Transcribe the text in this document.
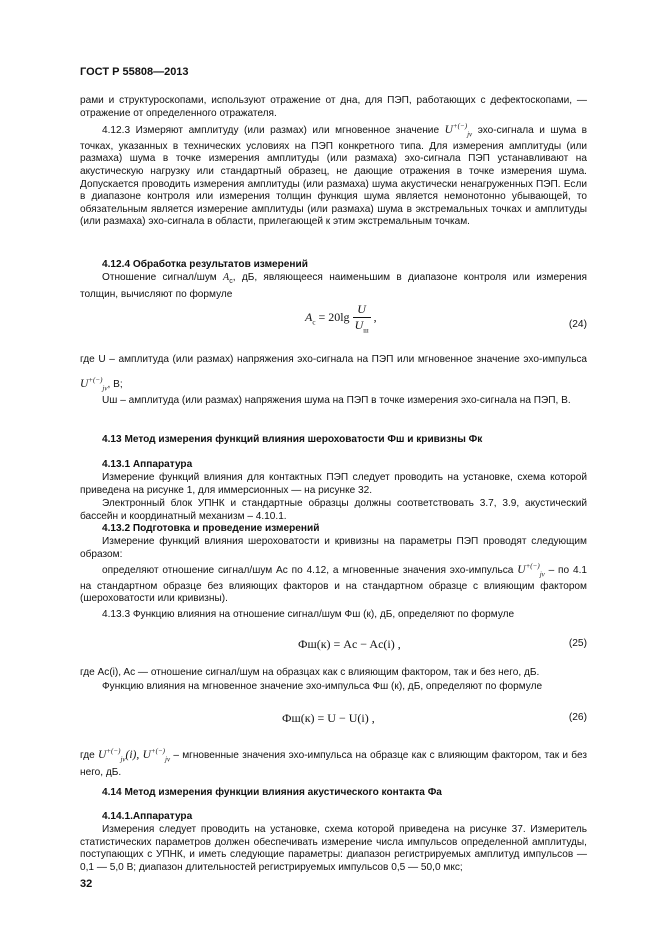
ГОСТ Р 55808—2013
рами и структуроскопами, используют отражение от дна, для ПЭП, работающих с дефектоскопами, — отражение от определенного отражателя.
4.12.3 Измеряют амплитуду (или размах) или мгновенное значение $U^{+(-)}_{j\nu}$ эхо-сигнала и шума в точках, указанных в технических условиях на ПЭП конкретного типа. Для измерения амплитуды (или размаха) шума в точке измерения амплитуды (или размаха) эхо-сигнала ПЭП устанавливают на акустическую нагрузку или стандартный образец, не дающие отражения в точке измерения шума. Допускается проводить измерения амплитуды (или размаха) шума акустически ненагруженных ПЭП. Если в диапазоне контроля или измерения толщин функция шума является немонотонно убывающей, то обязательным является измерение амплитуды (или размаха) шума в экстремальных точках и амплитуды (или размаха) эхо-сигнала в области, прилегающей к этим экстремальным точкам.
4.12.4 Обработка результатов измерений
Отношение сигнал/шум $A_c$, дБ, являющееся наименьшим в диапазоне контроля или измерения толщин, вычисляют по формуле
$A_c = 20\lg \frac{U}{U_ш}$ ,
(24)
где U – амплитуда (или размах) напряжения эхо-сигнала на ПЭП или мгновенное значение эхо-импульса $U^{+(-)}_{j\nu}$, В;
Uш – амплитуда (или размах) напряжения шума на ПЭП в точке измерения эхо-сигнала на ПЭП, В.
4.13 Метод измерения функций влияния шероховатости Фш и кривизны Фк
4.13.1 Аппаратура
Измерение функций влияния для контактных ПЭП следует проводить на установке, схема которой приведена на рисунке 1, для иммерсионных — на рисунке 32.
Электронный блок УПНК и стандартные образцы должны соответствовать 3.7, 3.9, акустический бассейн и координатный механизм – 4.10.1.
4.13.2 Подготовка и проведение измерений
Измерение функций влияния шероховатости и кривизны на параметры ПЭП проводят следующим образом:
определяют отношение сигнал/шум Ac по 4.12, а мгновенные значения эхо-импульса $U^{+(-)}_{j\nu}$ – по 4.1 на стандартном образце без влияющих факторов и на стандартном образце с влияющим фактором (шероховатости или кривизны).
4.13.3 Функцию влияния на отношение сигнал/шум Фш (к), дБ, определяют по формуле
Фш(к) = Ac − Ac(i) ,	(25)
где Ac(i), Ac — отношение сигнал/шум на образцах как с влияющим фактором, так и без него, дБ.
Функцию влияния на мгновенное значение эхо-импульса Фш (к), дБ, определяют по формуле
Фш(к) = U − U(i) ,	(26)
где $U^{+(-)}_{j\nu}(i)$, $U^{+(-)}_{j\nu}$ – мгновенные значения эхо-импульса на образце как с влияющим фактором, так и без него, дБ.
4.14 Метод измерения функции влияния акустического контакта Фа
4.14.1.Аппаратура
Измерения следует проводить на установке, схема которой приведена на рисунке 37. Измеритель статистических параметров должен обеспечивать измерение числа импульсов определенной амплитуды, поступающих с УПНК, и иметь следующие параметры: диапазон регистрируемых амплитуд импульсов — 0,1 — 5,0 В; диапазон длительностей регистрируемых импульсов 0,5 — 50,0 мкс;
32
